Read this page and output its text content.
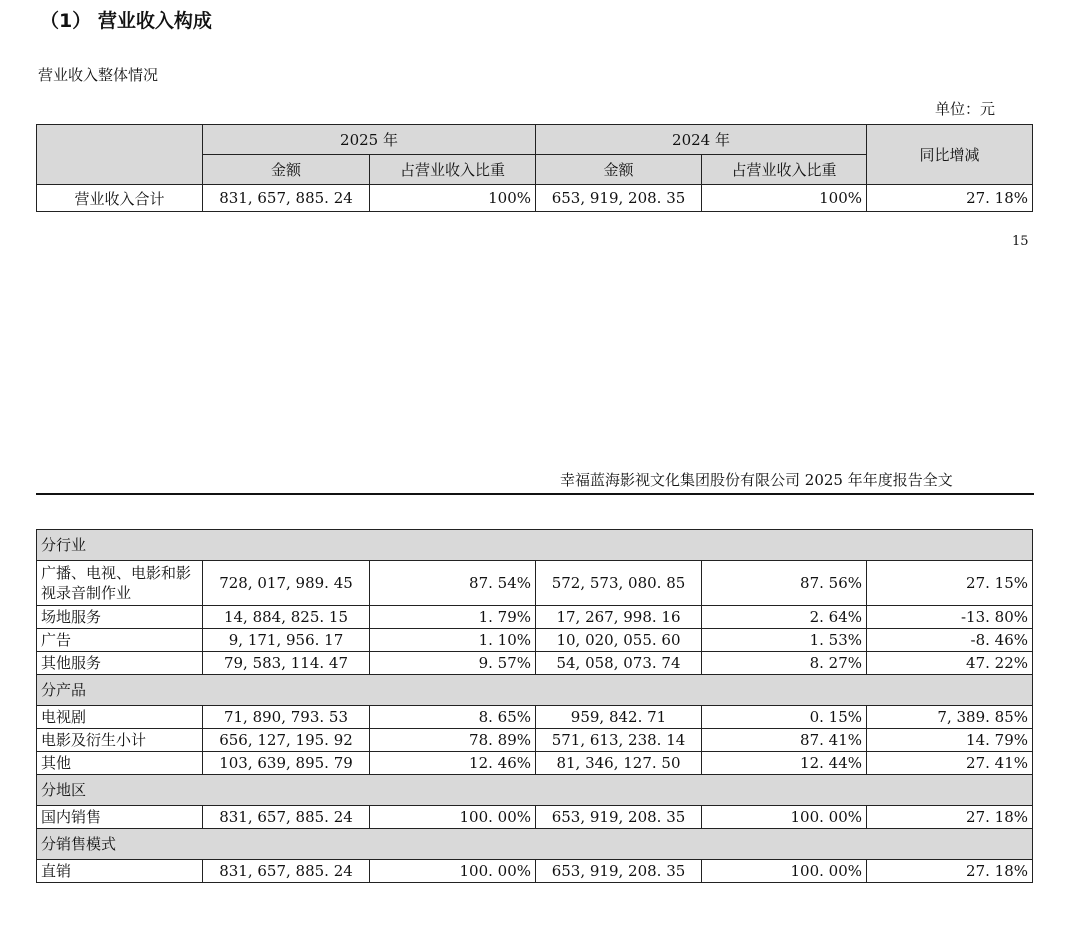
（1） 营业收入构成
营业收入整体情况
单位：元
	2025 年		2024 年		同比增减
	金额	占营业收入比重	金额	占营业收入比重	
营业收入合计	831, 657, 885. 24	100%	653, 919, 208. 35	100%	27. 18%
15
幸福蓝海影视文化集团股份有限公司 2025 年年度报告全文
分行业					
广播、电视、电影和影视录音制作业	728, 017, 989. 45	87. 54%	572, 573, 080. 85	87. 56%	27. 15%
场地服务	14, 884, 825. 15	1. 79%	17, 267, 998. 16	2. 64%	-13. 80%
广告	9, 171, 956. 17	1. 10%	10, 020, 055. 60	1. 53%	-8. 46%
其他服务	79, 583, 114. 47	9. 57%	54, 058, 073. 74	8. 27%	47. 22%
分产品					
电视剧	71, 890, 793. 53	8. 65%	959, 842. 71	0. 15%	7, 389. 85%
电影及衍生小计	656, 127, 195. 92	78. 89%	571, 613, 238. 14	87. 41%	14. 79%
其他	103, 639, 895. 79	12. 46%	81, 346, 127. 50	12. 44%	27. 41%
分地区					
国内销售	831, 657, 885. 24	100. 00%	653, 919, 208. 35	100. 00%	27. 18%
分销售模式					
直销	831, 657, 885. 24	100. 00%	653, 919, 208. 35	100. 00%	27. 18%
